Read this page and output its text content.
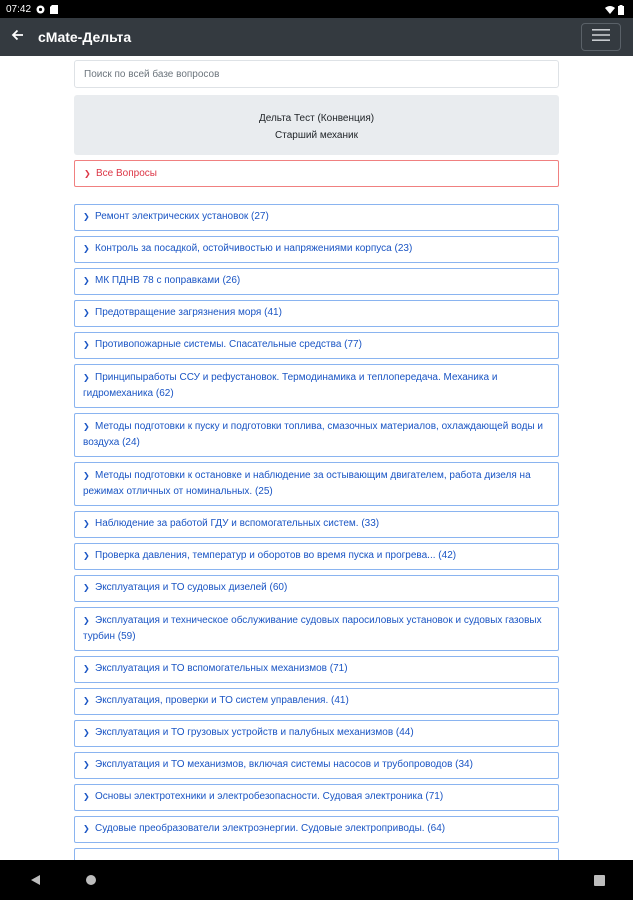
07:42
cMate-Дельта
Поиск по всей базе вопросов
Дельта Тест (Конвенция)
Старший механик
❯ Все Вопросы
❯ Ремонт электрических установок (27)
❯ Контроль за посадкой, остойчивостью и напряжениями корпуса (23)
❯ МК ПДНВ 78 с поправками (26)
❯ Предотвращение загрязнения моря (41)
❯ Противопожарные системы. Спасательные средства (77)
❯ Принципыработы ССУ и рефустановок. Термодинамика и теплопередача. Механика и гидромеханика (62)
❯ Методы подготовки к пуску и подготовки топлива, смазочных материалов, охлаждающей воды и воздуха (24)
❯ Методы подготовки к остановке и наблюдение за остывающим двигателем, работа дизеля на режимах отличных от номинальных. (25)
❯ Наблюдение за работой ГДУ и вспомогательных систем. (33)
❯ Проверка давления, температур и оборотов во время пуска и прогрева... (42)
❯ Эксплуатация и ТО судовых дизелей (60)
❯ Эксплуатация и техническое обслуживание судовых паросиловых установок и судовых газовых турбин (59)
❯ Эксплуатация и ТО вспомогательных механизмов (71)
❯ Эксплуатация, проверки и ТО систем управления. (41)
❯ Эксплуатация и ТО грузовых устройств и палубных механизмов (44)
❯ Эксплуатация и ТО механизмов, включая системы насосов и трубопроводов (34)
❯ Основы электротехники и электробезопасности. Судовая электроника (71)
❯ Судовые преобразователи электроэнергии. Судовые электроприводы. (64)
